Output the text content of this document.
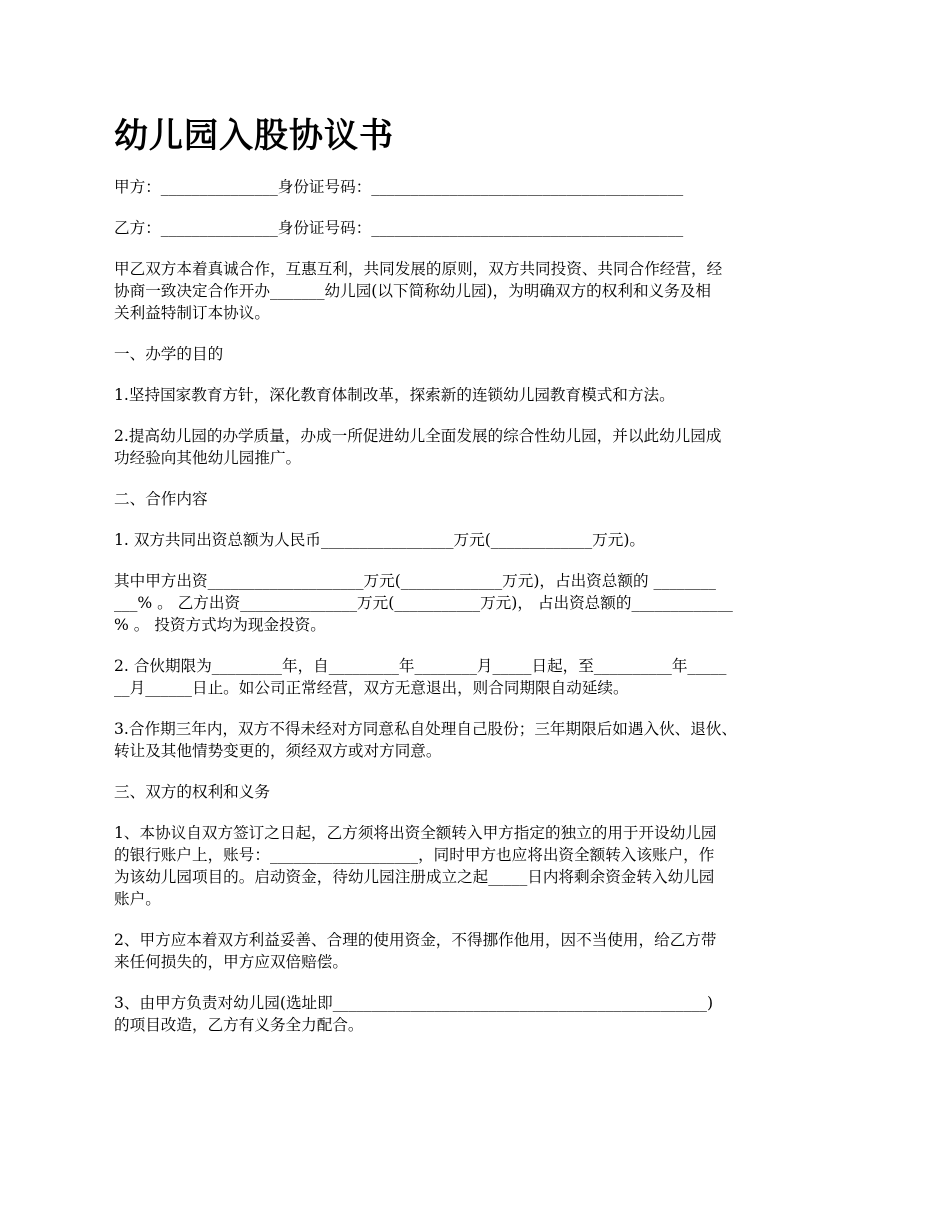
幼儿园入股协议书
甲方：_______________身份证号码：________________________________________
乙方：_______________身份证号码：________________________________________
甲乙双方本着真诚合作，互惠互利，共同发展的原则，双方共同投资、共同合作经营，经
协商一致决定合作开办_______幼儿园(以下简称幼儿园)，为明确双方的权利和义务及相
关利益特制订本协议。
一、办学的目的
1.坚持国家教育方针，深化教育体制改革，探索新的连锁幼儿园教育模式和方法。
2.提高幼儿园的办学质量，办成一所促进幼儿全面发展的综合性幼儿园，并以此幼儿园成
功经验向其他幼儿园推广。
二、合作内容
1. 双方共同出资总额为人民币_________________万元(_____________万元)。
其中甲方出资____________________万元(_____________万元)，占出资总额的 ________
___% 。 乙方出资_______________万元(___________万元)， 占出资总额的_____________
% 。 投资方式均为现金投资。
2. 合伙期限为_________年，自_________年________月_____日起，至__________年_____
__月______日止。如公司正常经营，双方无意退出，则合同期限自动延续。
3.合作期三年内，双方不得未经对方同意私自处理自己股份；三年期限后如遇入伙、退伙、
转让及其他情势变更的，须经双方或对方同意。
三、双方的权利和义务
1、本协议自双方签订之日起，乙方须将出资全额转入甲方指定的独立的用于开设幼儿园
的银行账户上，账号：___________________，同时甲方也应将出资全额转入该账户，作
为该幼儿园项目的。启动资金，待幼儿园注册成立之起_____日内将剩余资金转入幼儿园
账户。
2、甲方应本着双方利益妥善、合理的使用资金，不得挪作他用，因不当使用，给乙方带
来任何损失的，甲方应双倍赔偿。
3、由甲方负责对幼儿园(选址即________________________________________________)
的项目改造，乙方有义务全力配合。
